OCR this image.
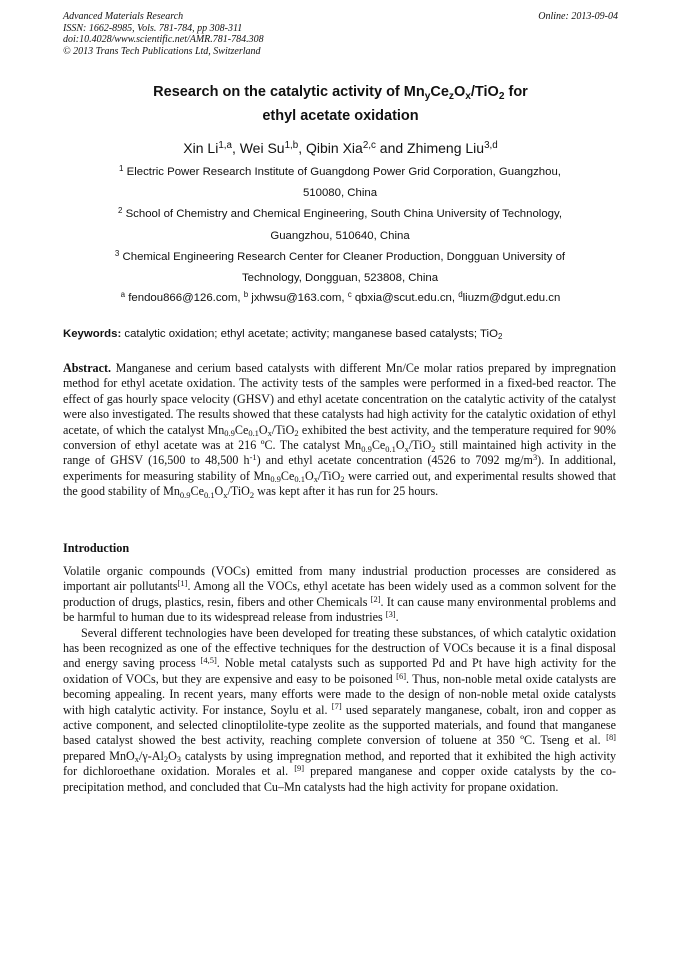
Advanced Materials Research
ISSN: 1662-8985, Vols. 781-784, pp 308-311
doi:10.4028/www.scientific.net/AMR.781-784.308
© 2013 Trans Tech Publications Ltd, Switzerland
Online: 2013-09-04
Research on the catalytic activity of $Mn_yCe_zO_x/TiO_2$ for
ethyl acetate oxidation
Xin Li$^{1,a}$, Wei Su$^{1,b}$, Qibin Xia$^{2,c}$ and Zhimeng Liu$^{3,d}$

$^1$ Electric Power Research Institute of Guangdong Power Grid Corporation, Guangzhou,

510080, China

$^2$ School of Chemistry and Chemical Engineering, South China University of Technology,

Guangzhou, 510640, China

$^3$ Chemical Engineering Research Center for Cleaner Production, Dongguan University of

Technology, Dongguan, 523808, China

$^a$ fendou866@126.com, $^b$ jxhwsu@163.com, $^c$ qbxia@scut.edu.cn, $^d$liuzm@dgut.edu.cn
Keywords: catalytic oxidation; ethyl acetate; activity; manganese based catalysts; TiO$_2$

Abstract. Manganese and cerium based catalysts with different Mn/Ce molar ratios prepared by impregnation method for ethyl acetate oxidation. The activity tests of the samples were performed in a fixed-bed reactor. The effect of gas hourly space velocity (GHSV) and ethyl acetate concentration on the catalytic activity of the catalyst were also investigated. The results showed that these catalysts had high activity for the catalytic oxidation of ethyl acetate, of which the catalyst $Mn_{0.9}Ce_{0.1}O_x/TiO_2$ exhibited the best activity, and the temperature required for 90% conversion of ethyl acetate was at 216 ºC. The catalyst $Mn_{0.9}Ce_{0.1}O_x/TiO_2$ still maintained high activity in the range of GHSV (16,500 to 48,500 $h^{-1}$) and ethyl acetate concentration (4526 to 7092 $mg/m^3$). In additional, experiments for measuring stability of $Mn_{0.9}Ce_{0.1}O_x/TiO_2$ were carried out, and experimental results showed that the good stability of $Mn_{0.9}Ce_{0.1}O_x/TiO_2$ was kept after it has run for 25 hours.

Introduction

Volatile organic compounds (VOCs) emitted from many industrial production processes are considered as important air pollutants[1]. Among all the VOCs, ethyl acetate has been widely used as a common solvent for the production of drugs, plastics, resin, fibers and other Chemicals [2]. It can cause many environmental problems and be harmful to human due to its widespread release from industries [3].

Several different technologies have been developed for treating these substances, of which catalytic oxidation has been recognized as one of the effective techniques for the destruction of VOCs because it is a final disposal and energy saving process [4,5]. Noble metal catalysts such as supported Pd and Pt have high activity for the oxidation of VOCs, but they are expensive and easy to be poisoned [6]. Thus, non-noble metal oxide catalysts are becoming appealing. In recent years, many efforts were made to the design of non-noble metal oxide catalysts with high catalytic activity. For instance, Soylu et al. [7] used separately manganese, cobalt, iron and copper as active component, and selected clinoptilolite-type zeolite as the supported materials, and found that manganese based catalyst showed the best activity, reaching complete conversion of toluene at 350 ºC. Tseng et al. [8] prepared $MnO_x/\gamma-Al_2O_3$ catalysts by using impregnation method, and reported that it exhibited the high activity for dichloroethane oxidation. Morales et al. [9] prepared manganese and copper oxide catalysts by the co-precipitation method, and concluded that Cu–Mn catalysts had the high activity for propane oxidation.
